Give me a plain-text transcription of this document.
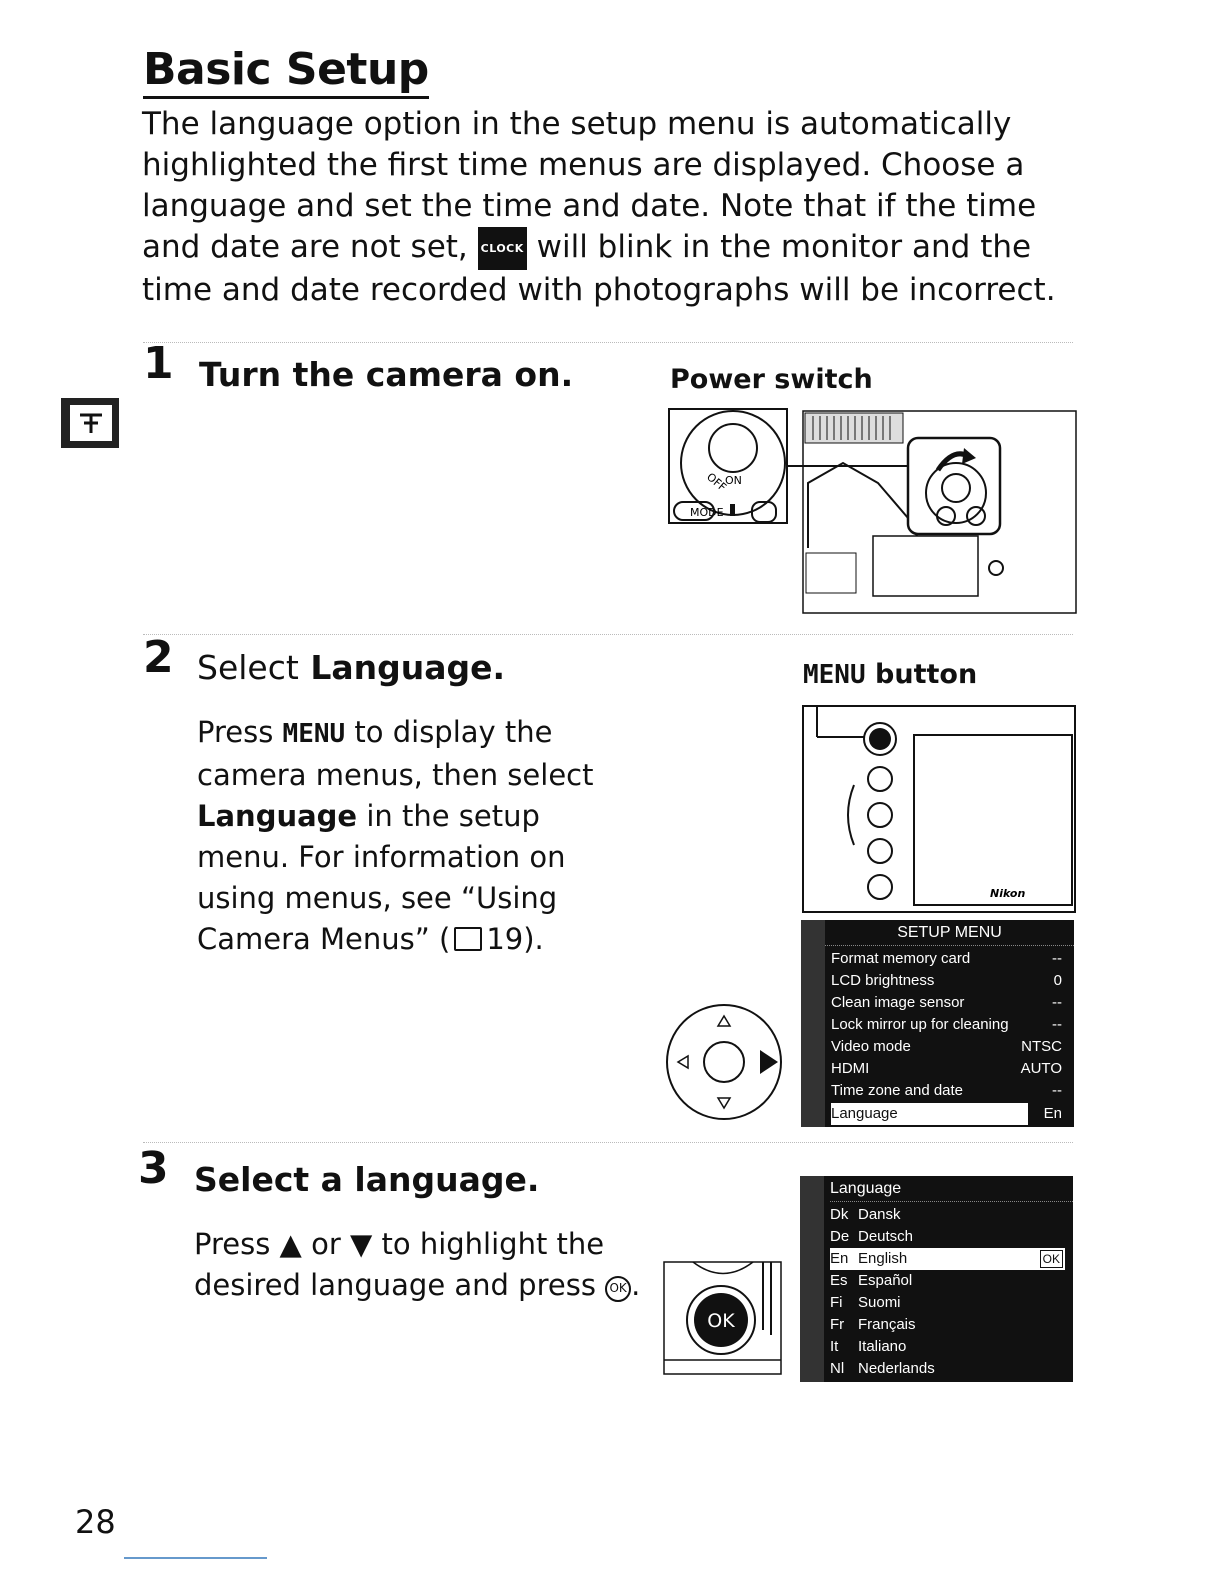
Basic Setup
The language option in the setup menu is automatically highlighted the first time menus are displayed. Choose a language and set the time and date. Note that if the time and date are not set, CLOCK will blink in the monitor and the time and date recorded with photographs will be incorrect.
1 Turn the camera on.	Power switch
MODE
OFF
ON
2 Select Language.
Press MENU to display the camera menus, then select Language in the setup menu. For information on using menus, see “Using Camera Menus” ( 19).
MENU button
Nikon
SETUP MENU
Format memory card	--
LCD brightness	0
Clean image sensor	--
Lock mirror up for cleaning	--
Video mode	NTSC
HDMI	AUTO
Time zone and date	--
Language	En
3 Select a language.
Press ▲ or ▼ to highlight the desired language and press OK .
OK
Language
Dk Dansk
De Deutsch
En English	OK
Es Español
Fi Suomi
Fr Français
It Italiano
Nl Nederlands
28
